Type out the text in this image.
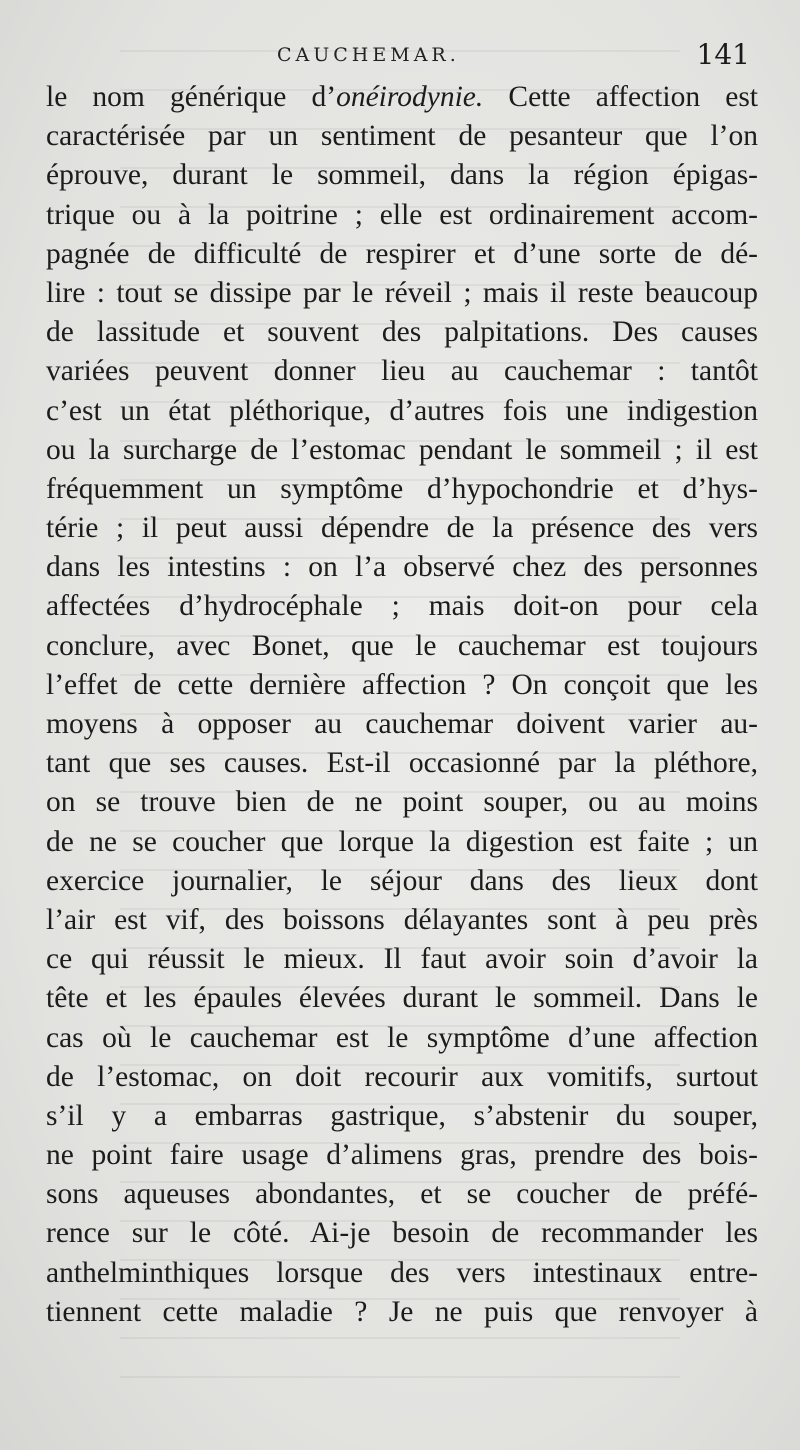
CAUCHEMAR.	141
le nom générique d’onéirodynie. Cette affection est
caractérisée par un sentiment de pesanteur que l’on
éprouve, durant le sommeil, dans la région épigas-
trique ou à la poitrine ; elle est ordinairement accom-
pagnée de difficulté de respirer et d’une sorte de dé-
lire : tout se dissipe par le réveil ; mais il reste beaucoup
de lassitude et souvent des palpitations. Des causes
variées peuvent donner lieu au cauchemar : tantôt
c’est un état pléthorique, d’autres fois une indigestion
ou la surcharge de l’estomac pendant le sommeil ; il est
fréquemment un symptôme d’hypochondrie et d’hys-
térie ; il peut aussi dépendre de la présence des vers
dans les intestins : on l’a observé chez des personnes
affectées d’hydrocéphale ; mais doit-on pour cela
conclure, avec Bonet, que le cauchemar est toujours
l’effet de cette dernière affection ? On conçoit que les
moyens à opposer au cauchemar doivent varier au-
tant que ses causes. Est-il occasionné par la pléthore,
on se trouve bien de ne point souper, ou au moins
de ne se coucher que lorque la digestion est faite ; un
exercice journalier, le séjour dans des lieux dont
l’air est vif, des boissons délayantes sont à peu près
ce qui réussit le mieux. Il faut avoir soin d’avoir la
tête et les épaules élevées durant le sommeil. Dans le
cas où le cauchemar est le symptôme d’une affection
de l’estomac, on doit recourir aux vomitifs, surtout
s’il y a embarras gastrique, s’abstenir du souper,
ne point faire usage d’alimens gras, prendre des bois-
sons aqueuses abondantes, et se coucher de préfé-
rence sur le côté. Ai-je besoin de recommander les
anthelminthiques lorsque des vers intestinaux entre-
tiennent cette maladie ? Je ne puis que renvoyer à
